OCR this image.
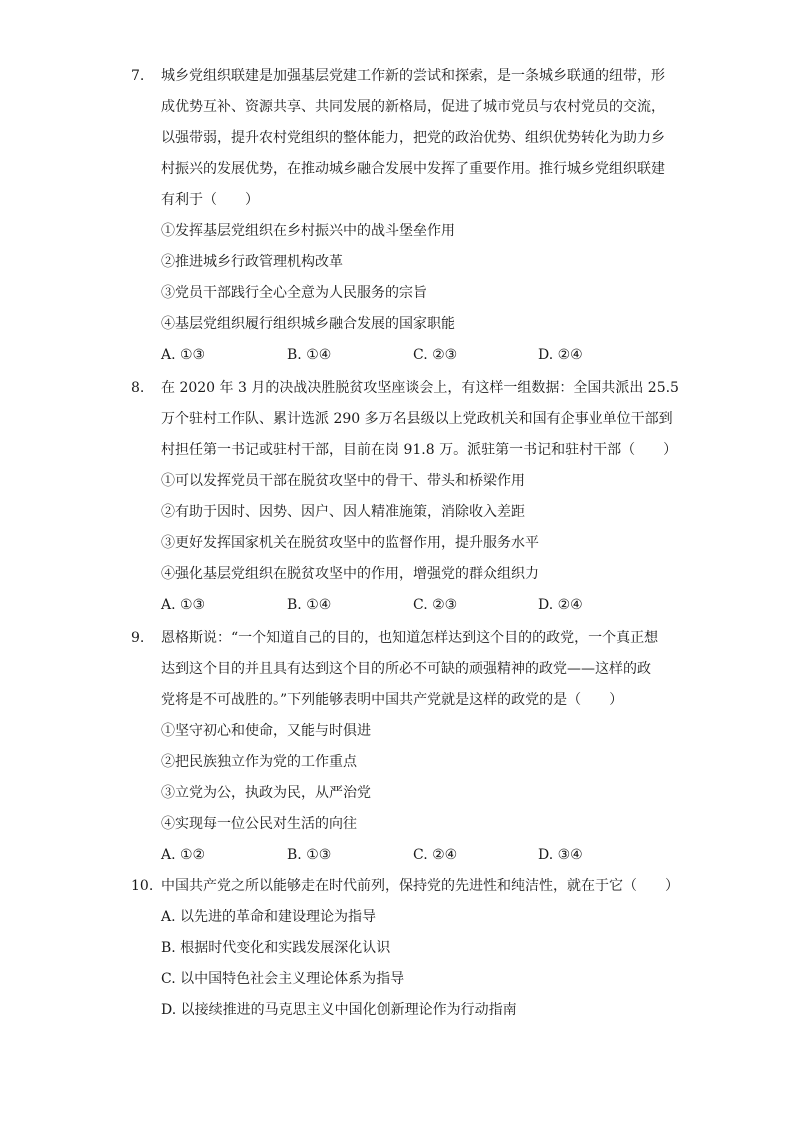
7. 城乡党组织联建是加强基层党建工作新的尝试和探索，是一条城乡联通的纽带，形
成优势互补、资源共享、共同发展的新格局，促进了城市党员与农村党员的交流，
以强带弱，提升农村党组织的整体能力，把党的政治优势、组织优势转化为助力乡
村振兴的发展优势，在推动城乡融合发展中发挥了重要作用。推行城乡党组织联建
有利于（　　）
①发挥基层党组织在乡村振兴中的战斗堡垒作用
②推进城乡行政管理机构改革
③党员干部践行全心全意为人民服务的宗旨
④基层党组织履行组织城乡融合发展的国家职能
A. ①③	B. ①④	C. ②③	D. ②④
8. 在 2020 年 3 月的决战决胜脱贫攻坚座谈会上，有这样一组数据：全国共派出 25.5
万个驻村工作队、累计选派 290 多万名县级以上党政机关和国有企事业单位干部到
村担任第一书记或驻村干部，目前在岗 91.8 万。派驻第一书记和驻村干部（　　）
①可以发挥党员干部在脱贫攻坚中的骨干、带头和桥梁作用
②有助于因时、因势、因户、因人精准施策，消除收入差距
③更好发挥国家机关在脱贫攻坚中的监督作用，提升服务水平
④强化基层党组织在脱贫攻坚中的作用，增强党的群众组织力
A. ①③	B. ①④	C. ②③	D. ②④
9. 恩格斯说：“一个知道自己的目的，也知道怎样达到这个目的的政党，一个真正想
达到这个目的并且具有达到这个目的所必不可缺的顽强精神的政党——这样的政
党将是不可战胜的。”下列能够表明中国共产党就是这样的政党的是（　　）
①坚守初心和使命，又能与时俱进
②把民族独立作为党的工作重点
③立党为公，执政为民，从严治党
④实现每一位公民对生活的向往
A. ①②	B. ①③	C. ②④	D. ③④
10. 中国共产党之所以能够走在时代前列，保持党的先进性和纯洁性，就在于它（　　）
A. 以先进的革命和建设理论为指导
B. 根据时代变化和实践发展深化认识
C. 以中国特色社会主义理论体系为指导
D. 以接续推进的马克思主义中国化创新理论作为行动指南
